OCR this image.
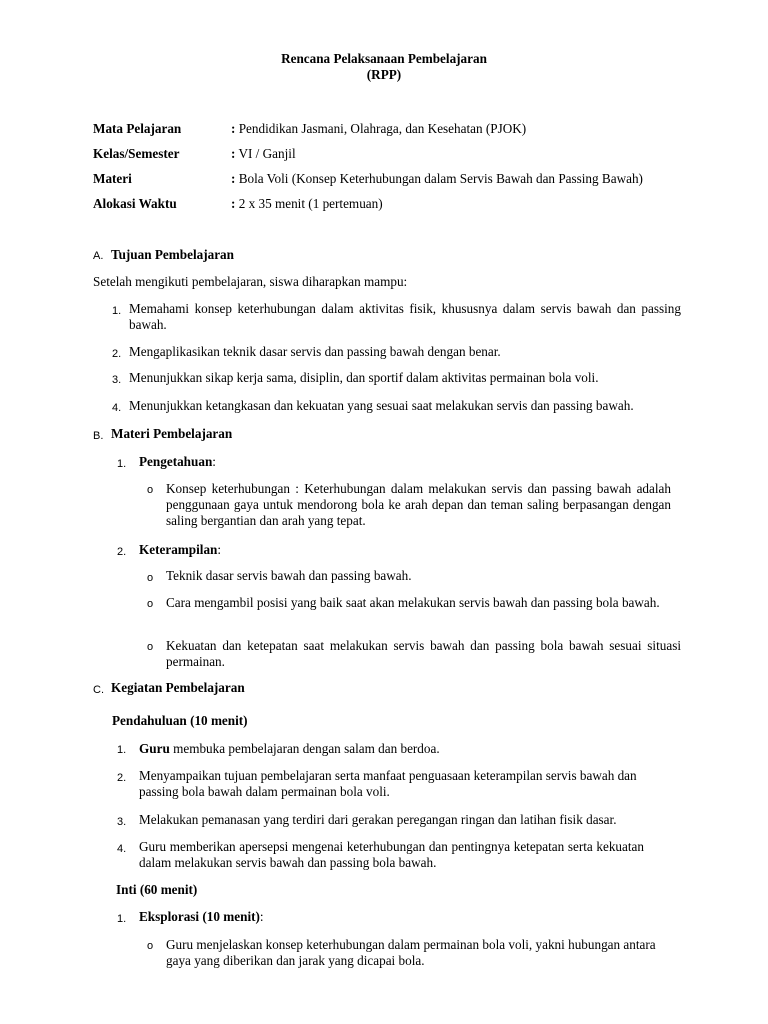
Rencana Pelaksanaan Pembelajaran
(RPP)
Mata Pelajaran	: Pendidikan Jasmani, Olahraga, dan Kesehatan (PJOK)
Kelas/Semester	: VI / Ganjil
Materi	: Bola Voli (Konsep Keterhubungan dalam Servis Bawah dan Passing Bawah)
Alokasi Waktu	: 2 x 35 menit (1 pertemuan)
A. Tujuan Pembelajaran
Setelah mengikuti pembelajaran, siswa diharapkan mampu:
1. Memahami konsep keterhubungan dalam aktivitas fisik, khususnya dalam servis bawah dan passing bawah.
2. Mengaplikasikan teknik dasar servis dan passing bawah dengan benar.
3. Menunjukkan sikap kerja sama, disiplin, dan sportif dalam aktivitas permainan bola voli.
4. Menunjukkan ketangkasan dan kekuatan yang sesuai saat melakukan servis dan passing bawah.
B. Materi Pembelajaran
1. Pengetahuan:
o Konsep keterhubungan : Keterhubungan dalam melakukan servis dan passing bawah adalah penggunaan gaya untuk mendorong bola ke arah depan dan teman saling berpasangan dengan saling bergantian dan arah yang tepat.
2. Keterampilan:
o Teknik dasar servis bawah dan passing bawah.
o Cara mengambil posisi yang baik saat akan melakukan servis bawah dan passing bola bawah.
o Kekuatan dan ketepatan saat melakukan servis bawah dan passing bola bawah sesuai situasi permainan.
C. Kegiatan Pembelajaran
Pendahuluan (10 menit)
1. Guru membuka pembelajaran dengan salam dan berdoa.
2. Menyampaikan tujuan pembelajaran serta manfaat penguasaan keterampilan servis bawah dan passing bola bawah dalam permainan bola voli.
3. Melakukan pemanasan yang terdiri dari gerakan peregangan ringan dan latihan fisik dasar.
4. Guru memberikan apersepsi mengenai keterhubungan dan pentingnya ketepatan serta kekuatan dalam melakukan servis bawah dan passing bola bawah.
Inti (60 menit)
1. Eksplorasi (10 menit):
o Guru menjelaskan konsep keterhubungan dalam permainan bola voli, yakni hubungan antara gaya yang diberikan dan jarak yang dicapai bola.
